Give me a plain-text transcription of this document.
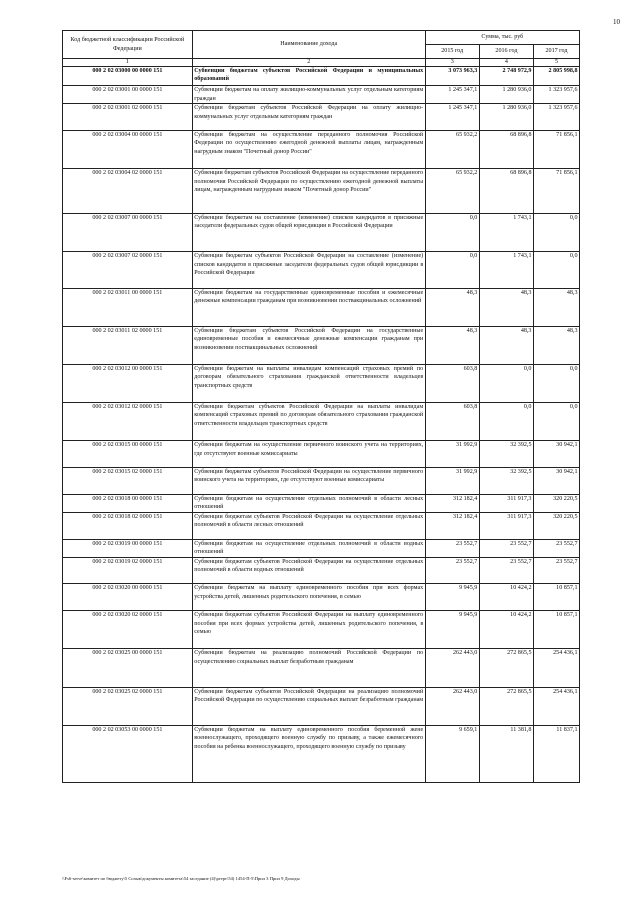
10
Код бюджетной классификации Российской Федерации	Наименование дохода	Сумма, тыс. руб		
		2015 год	2016 год	2017 год
1	2	3	4	5
000 2 02 03000 00 0000 151	Субвенции бюджетам субъектов Российской Федерации и муниципальных образований	3 073 963,3	2 748 972,9	2 805 998,8
000 2 02 03001 00 0000 151	Субвенции бюджетам на оплату жилищно-коммунальных услуг отдельным категориям граждан	1 245 347,1	1 280 936,0	1 323 957,6
000 2 02 03001 02 0000 151	Субвенции бюджетам субъектов Российской Федерации на оплату жилищно-коммунальных услуг отдельным категориям граждан	1 245 347,1	1 280 936,0	1 323 957,6
000 2 02 03004 00 0000 151	Субвенции бюджетам на осуществление переданного полномочия Российской Федерации по осуществлению ежегодной денежной выплаты лицам, награжденным нагрудным знаком "Почетный донор России"	65 932,2	68 896,8	71 856,1
000 2 02 03004 02 0000 151	Субвенции бюджетам субъектов Российской Федерации на осуществление переданного полномочия Российской Федерации по осуществлению ежегодной денежной выплаты лицам, награжденным нагрудным знаком "Почетный донор России"	65 932,2	68 896,8	71 856,1
000 2 02 03007 00 0000 151	Субвенции бюджетам на составление (изменение) списков кандидатов в присяжные заседатели федеральных судов общей юрисдикции в Российской Федерации	0,0	1 743,1	0,0
000 2 02 03007 02 0000 151	Субвенции бюджетам субъектов Российской Федерации на составление (изменение) списков кандидатов в присяжные заседатели федеральных судов общей юрисдикции в Российской Федерации	0,0	1 743,1	0,0
000 2 02 03011 00 0000 151	Субвенции бюджетам на государственные единовременные пособия и ежемесячные денежные компенсации гражданам при возникновении поствакцинальных осложнений	48,3	48,3	48,3
000 2 02 03011 02 0000 151	Субвенции бюджетам субъектов Российской Федерации на государственные единовременные пособия и ежемесячные денежные компенсации гражданам при возникновении поствакцинальных осложнений	48,3	48,3	48,3
000 2 02 03012 00 0000 151	Субвенции бюджетам на выплаты инвалидам компенсаций страховых премий по договорам обязательного страхования гражданской ответственности владельцев транспортных средств	603,8	0,0	0,0
000 2 02 03012 02 0000 151	Субвенции бюджетам субъектов Российской Федерации на выплаты инвалидам компенсаций страховых премий по договорам обязательного страхования гражданской ответственности владельцев транспортных средств	603,8	0,0	0,0
000 2 02 03015 00 0000 151	Субвенции бюджетам на осуществление первичного воинского учета на территориях, где отсутствуют военные комиссариаты	31 992,9	32 392,5	30 942,1
000 2 02 03015 02 0000 151	Субвенции бюджетам субъектов Российской Федерации на осуществление первичного воинского учета на территориях, где отсутствуют военные комиссариаты	31 992,9	32 392,5	30 942,1
000 2 02 03018 00 0000 151	Субвенции бюджетам на осуществление отдельных полномочий в области лесных отношений	312 182,4	311 917,3	320 220,5
000 2 02 03018 02 0000 151	Субвенции бюджетам субъектов Российской Федерации на осуществление отдельных полномочий в области лесных отношений	312 182,4	311 917,3	320 220,5
000 2 02 03019 00 0000 151	Субвенции бюджетам на осуществление отдельных полномочий в области водных отношений	23 552,7	23 552,7	23 552,7
000 2 02 03019 02 0000 151	Субвенции бюджетам субъектов Российской Федерации на осуществление отдельных полномочий в области водных отношений	23 552,7	23 552,7	23 552,7
000 2 02 03020 00 0000 151	Субвенции бюджетам на выплату единовременного пособия при всех формах устройства детей, лишенных родительского попечения, в семью	9 945,9	10 424,2	10 857,1
000 2 02 03020 02 0000 151	Субвенции бюджетам субъектов Российской Федерации на выплату единовременного пособия при всех формах устройства детей, лишенных родительского попечения, в семью	9 945,9	10 424,2	10 857,1
000 2 02 03025 00 0000 151	Субвенции бюджетам на реализацию полномочий Российской Федерации по осуществлению социальных выплат безработным гражданам	262 443,0	272 865,5	254 436,1
000 2 02 03025 02 0000 151	Субвенции бюджетам субъектов Российской Федерации на реализацию полномочий Российской Федерации по осуществлению социальных выплат безработным гражданам	262 443,0	272 865,5	254 436,1
000 2 02 03053 00 0000 151	Субвенции бюджетам на выплату единовременного пособия беременной жене военнослужащего, проходящего военную службу по призыву, а также ежемесячного пособия на ребенка военнослужащего, проходящего военную службу по призыву	9 659,1	11 381,8	11 837,1
\\Fs6-serve\комитет по бюджету\5 Созыв\документы комитета\54 заседание (4)\ргерт\54) 1454-П-5\Прил 3 Прил 9 Доходы
